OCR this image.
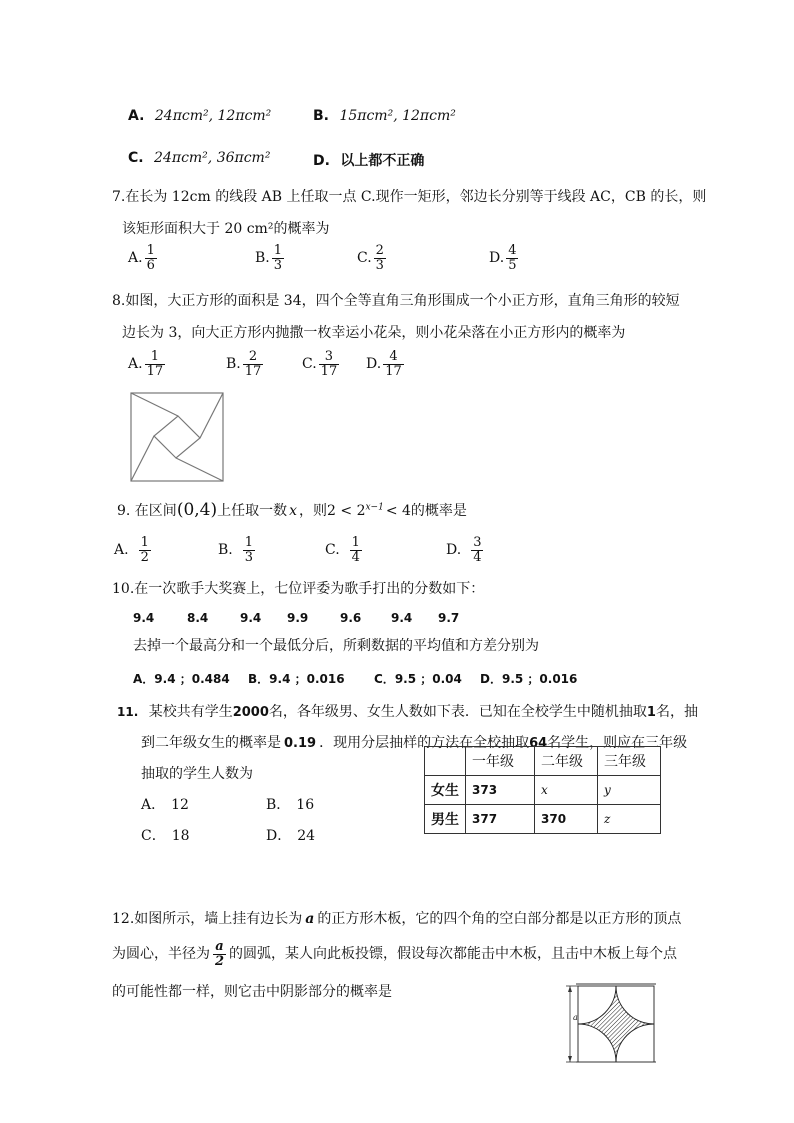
A. 24πcm², 12πcm²	B. 15πcm², 12πcm²
C. 24πcm², 36πcm²	D. 以上都不正确
7.在长为 12cm 的线段 AB 上任取一点 C.现作一矩形，邻边长分别等于线段 AC，CB 的长，则
该矩形面积大于 20 cm²的概率为
A. $\frac{1}{6}$	B. $\frac{1}{3}$	C. $\frac{2}{3}$	D. $\frac{4}{5}$
8.如图，大正方形的面积是 34，四个全等直角三角形围成一个小正方形，直角三角形的较短
边长为 3，向大正方形内抛撒一枚幸运小花朵，则小花朵落在小正方形内的概率为
A. $\frac{1}{17}$	B. $\frac{2}{17}$	C. $\frac{3}{17} D$. $\frac{4}{17}$
9. 在区间(0,4)上任取一数 x ，则$2 < 2^{x-1} < 4$的概率是
A. $\frac{1}{2}$	B. $\frac{1}{3}$	C. $\frac{1}{4}$	D. $\frac{3}{4}$
10.在一次歌手大奖赛上，七位评委为歌手打出的分数如下：
9.4	8.4	9.4 9.9	9.6 9.4 9.7
去掉一个最高分和一个最低分后，所剩数据的平均值和方差分别为
A．9.4 ；0.484 B．9.4 ；0.016 C．9.5 ；0.04 D．9.5 ；0.016
11. 某校共有学生2000名，各年级男、女生人数如下表．已知在全校学生中随机抽取1名，抽
到二年级女生的概率是 0.19 ．现用分层抽样的方法在全校抽取64名学生，则应在三年级
抽取的学生人数为
A． 12	B． 16
C． 18	D． 24
	一年级	二年级	三年级
女生	373	x	y
男生	377	370	z
12.如图所示，墙上挂有边长为 a 的正方形木板，它的四个角的空白部分都是以正方形的顶点
为圆心，半径为 $\frac{a}{2}$ 的圆弧，某人向此板投镖，假设每次都能击中木板，且击中木板上每个点
的可能性都一样，则它击中阴影部分的概率是
a
